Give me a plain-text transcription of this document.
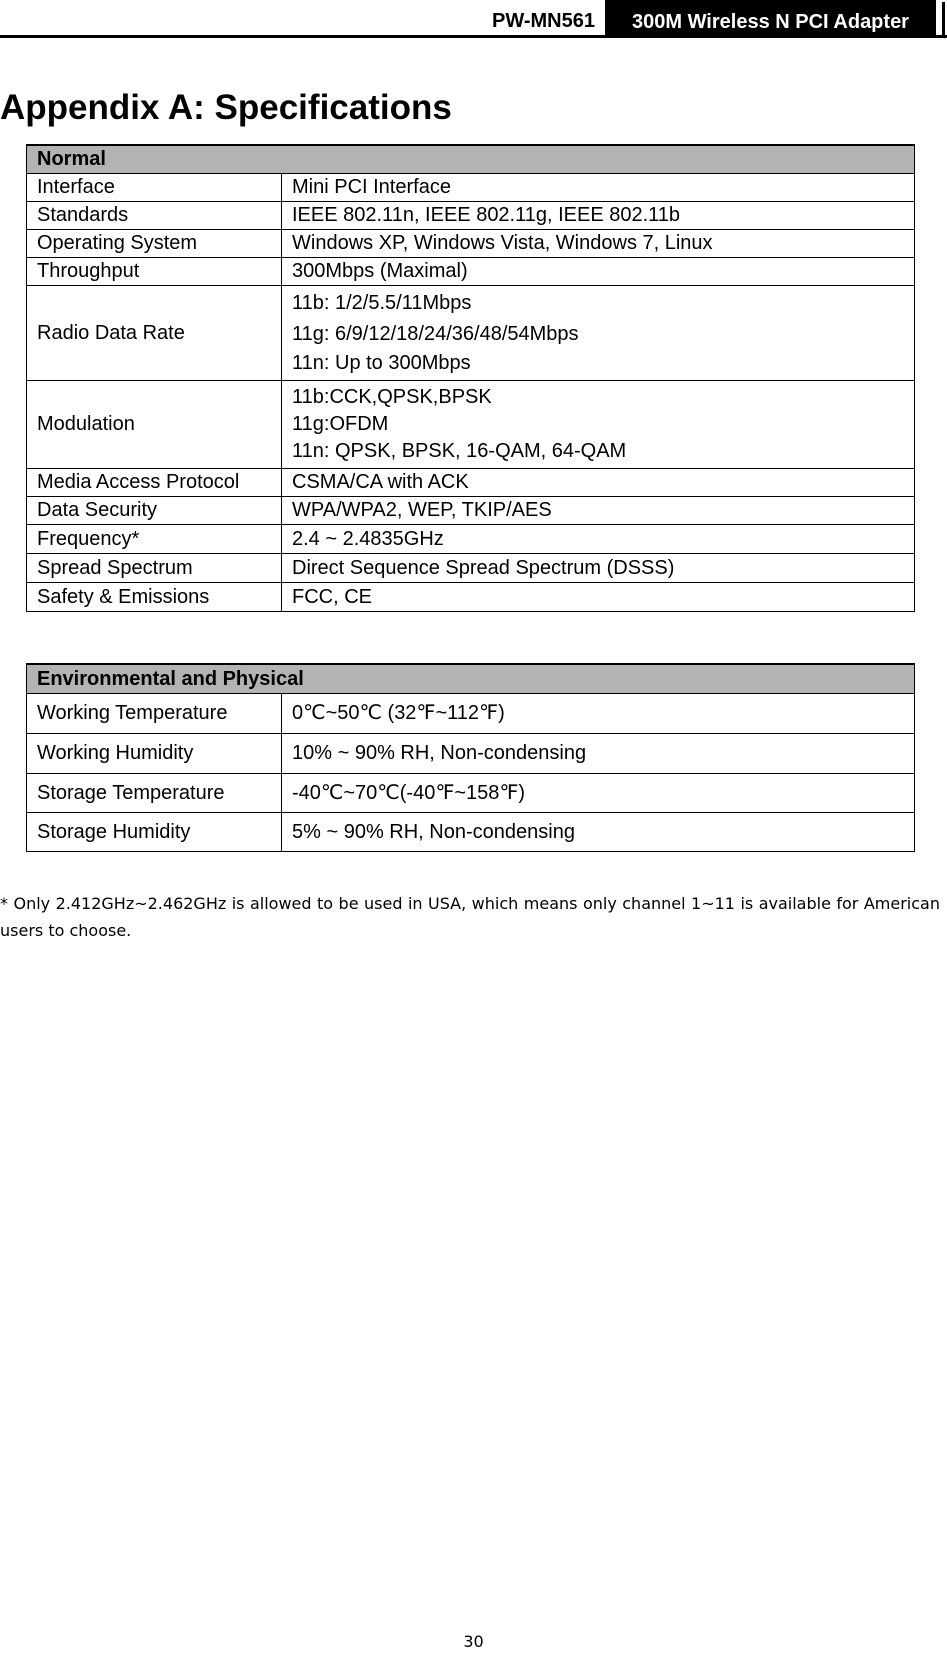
PW-MN561	300M Wireless N PCI Adapter
Appendix A: Specifications
Normal	
Interface	Mini PCI Interface
Standards	IEEE 802.11n, IEEE 802.11g, IEEE 802.11b
Operating System	Windows XP, Windows Vista, Windows 7, Linux
Throughput	300Mbps (Maximal)
Radio Data Rate	11b: 1/2/5.5/11Mbps
11g: 6/9/12/18/24/36/48/54Mbps
11n: Up to 300Mbps

Modulation	11b:CCK,QPSK,BPSK
11g:OFDM
11n: QPSK, BPSK, 16-QAM, 64-QAM

Media Access Protocol	CSMA/CA with ACK
Data Security	WPA/WPA2, WEP, TKIP/AES
Frequency*	2.4 ~ 2.4835GHz
Spread Spectrum	Direct Sequence Spread Spectrum (DSSS)
Safety & Emissions	FCC, CE
Environmental and Physical	
Working Temperature	0℃~50℃ (32℉~112℉)
Working Humidity	10% ~ 90% RH, Non-condensing
Storage Temperature	-40℃~70℃(-40℉~158℉)
Storage Humidity	5% ~ 90% RH, Non-condensing

* Only 2.412GHz~2.462GHz is allowed to be used in USA, which means only channel 1~11 is available for American users to choose.

30
